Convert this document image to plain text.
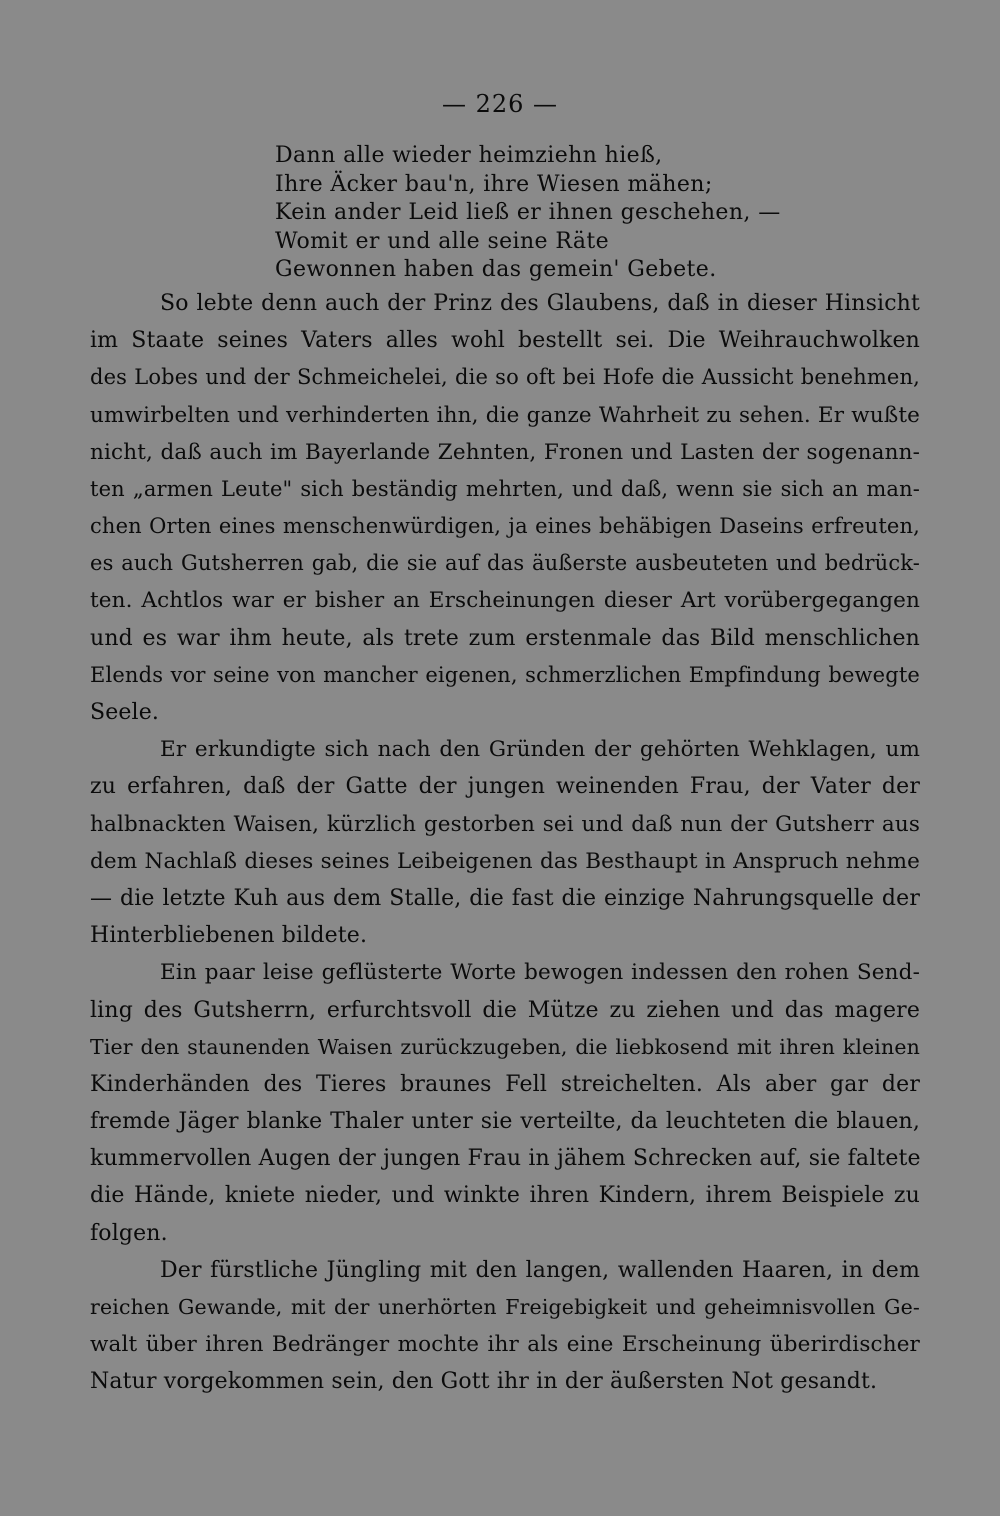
— 226 —
Dann alle wieder heimziehn hieß,
Ihre Äcker bau'n, ihre Wiesen mähen;
Kein ander Leid ließ er ihnen geschehen, —
Womit er und alle seine Räte
Gewonnen haben das gemein' Gebete.
So lebte denn auch der Prinz des Glaubens, daß in dieser Hinsicht
im Staate seines Vaters alles wohl bestellt sei. Die Weihrauchwolken
des Lobes und der Schmeichelei, die so oft bei Hofe die Aussicht benehmen,
umwirbelten und verhinderten ihn, die ganze Wahrheit zu sehen. Er wußte
nicht, daß auch im Bayerlande Zehnten, Fronen und Lasten der sogenann-
ten „armen Leute" sich beständig mehrten, und daß, wenn sie sich an man-
chen Orten eines menschenwürdigen, ja eines behäbigen Daseins erfreuten,
es auch Gutsherren gab, die sie auf das äußerste ausbeuteten und bedrück-
ten. Achtlos war er bisher an Erscheinungen dieser Art vorübergegangen
und es war ihm heute, als trete zum erstenmale das Bild menschlichen
Elends vor seine von mancher eigenen, schmerzlichen Empfindung bewegte
Seele.
Er erkundigte sich nach den Gründen der gehörten Wehklagen, um
zu erfahren, daß der Gatte der jungen weinenden Frau, der Vater der
halbnackten Waisen, kürzlich gestorben sei und daß nun der Gutsherr aus
dem Nachlaß dieses seines Leibeigenen das Besthaupt in Anspruch nehme
— die letzte Kuh aus dem Stalle, die fast die einzige Nahrungsquelle der
Hinterbliebenen bildete.
Ein paar leise geflüsterte Worte bewogen indessen den rohen Send-
ling des Gutsherrn, erfurchtsvoll die Mütze zu ziehen und das magere
Tier den staunenden Waisen zurückzugeben, die liebkosend mit ihren kleinen
Kinderhänden des Tieres braunes Fell streichelten. Als aber gar der
fremde Jäger blanke Thaler unter sie verteilte, da leuchteten die blauen,
kummervollen Augen der jungen Frau in jähem Schrecken auf, sie faltete
die Hände, kniete nieder, und winkte ihren Kindern, ihrem Beispiele zu
folgen.
Der fürstliche Jüngling mit den langen, wallenden Haaren, in dem
reichen Gewande, mit der unerhörten Freigebigkeit und geheimnisvollen Ge-
walt über ihren Bedränger mochte ihr als eine Erscheinung überirdischer
Natur vorgekommen sein, den Gott ihr in der äußersten Not gesandt.
